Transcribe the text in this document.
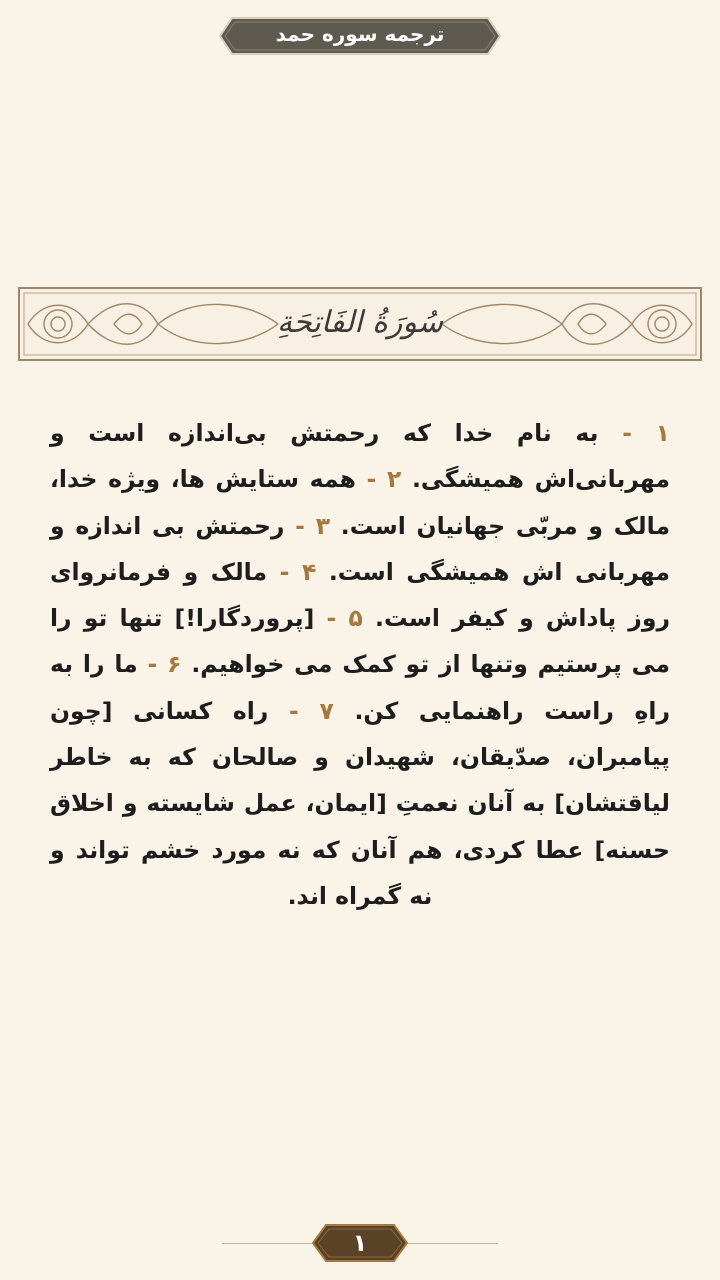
ترجمه سوره حمد
سُورَةُ الفَاتِحَةِ
۱ - به نام خدا که رحمتش بی‌اندازه است و مهربانی‌اش همیشگی. ۲ - همه ستایش ها، ویژه خدا، مالک و مربّی جهانیان است. ۳ - رحمتش بی اندازه و مهربانی اش همیشگی است. ۴ - مالک و فرمانروای روز پاداش و کیفر است. ۵ - [پروردگارا!] تنها تو را می پرستیم وتنها از تو کمک می خواهیم. ۶ - ما را به راهِ راست راهنمایی کن. ۷ - راه کسانی [چون پیامبران، صدّیقان، شهیدان و صالحان که به خاطر لیاقتشان] به آنان نعمتِ [ایمان، عمل شایسته و اخلاق حسنه] عطا کردی، هم آنان که نه مورد خشم تواند و نه گمراه اند.
۱
